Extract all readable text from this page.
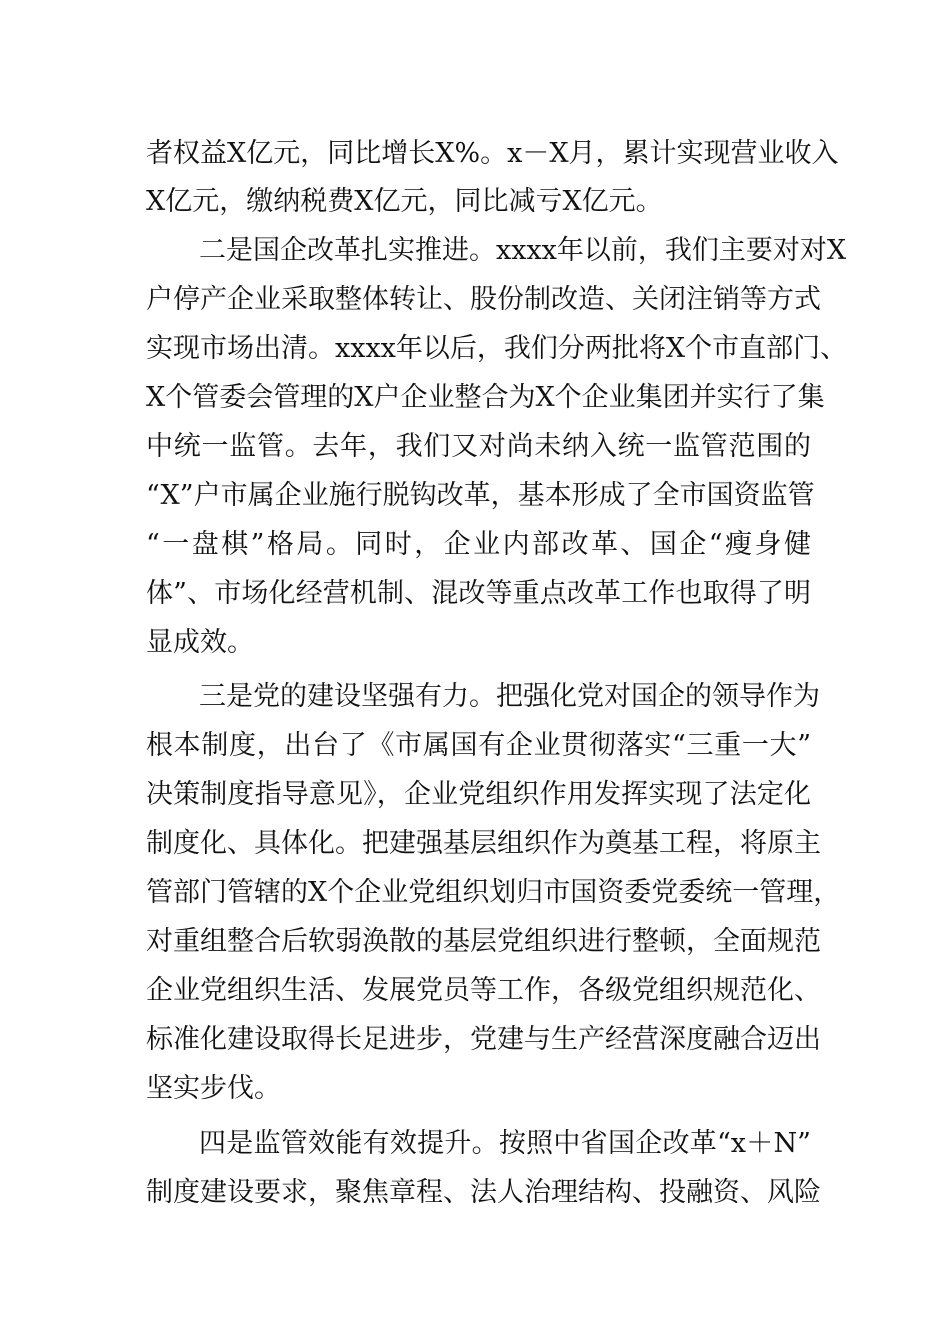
者权益X亿元，同比增长X%。x－X月，累计实现营业收入
X亿元，缴纳税费X亿元，同比减亏X亿元。
二是国企改革扎实推进。xxxx年以前，我们主要对对X
户停产企业采取整体转让、股份制改造、关闭注销等方式
实现市场出清。xxxx年以后，我们分两批将X个市直部门、
X个管委会管理的X户企业整合为X个企业集团并实行了集
中统一监管。去年，我们又对尚未纳入统一监管范围的
“X”户市属企业施行脱钩改革，基本形成了全市国资监管
“一盘棋”格局。同时，企业内部改革、国企“瘦身健
体”、市场化经营机制、混改等重点改革工作也取得了明
显成效。
三是党的建设坚强有力。把强化党对国企的领导作为
根本制度，出台了《市属国有企业贯彻落实“三重一大”
决策制度指导意见》，企业党组织作用发挥实现了法定化
制度化、具体化。把建强基层组织作为奠基工程，将原主
管部门管辖的X个企业党组织划归市国资委党委统一管理，
对重组整合后软弱涣散的基层党组织进行整顿，全面规范
企业党组织生活、发展党员等工作，各级党组织规范化、
标准化建设取得长足进步，党建与生产经营深度融合迈出
坚实步伐。
四是监管效能有效提升。按照中省国企改革“x＋N”
制度建设要求，聚焦章程、法人治理结构、投融资、风险
